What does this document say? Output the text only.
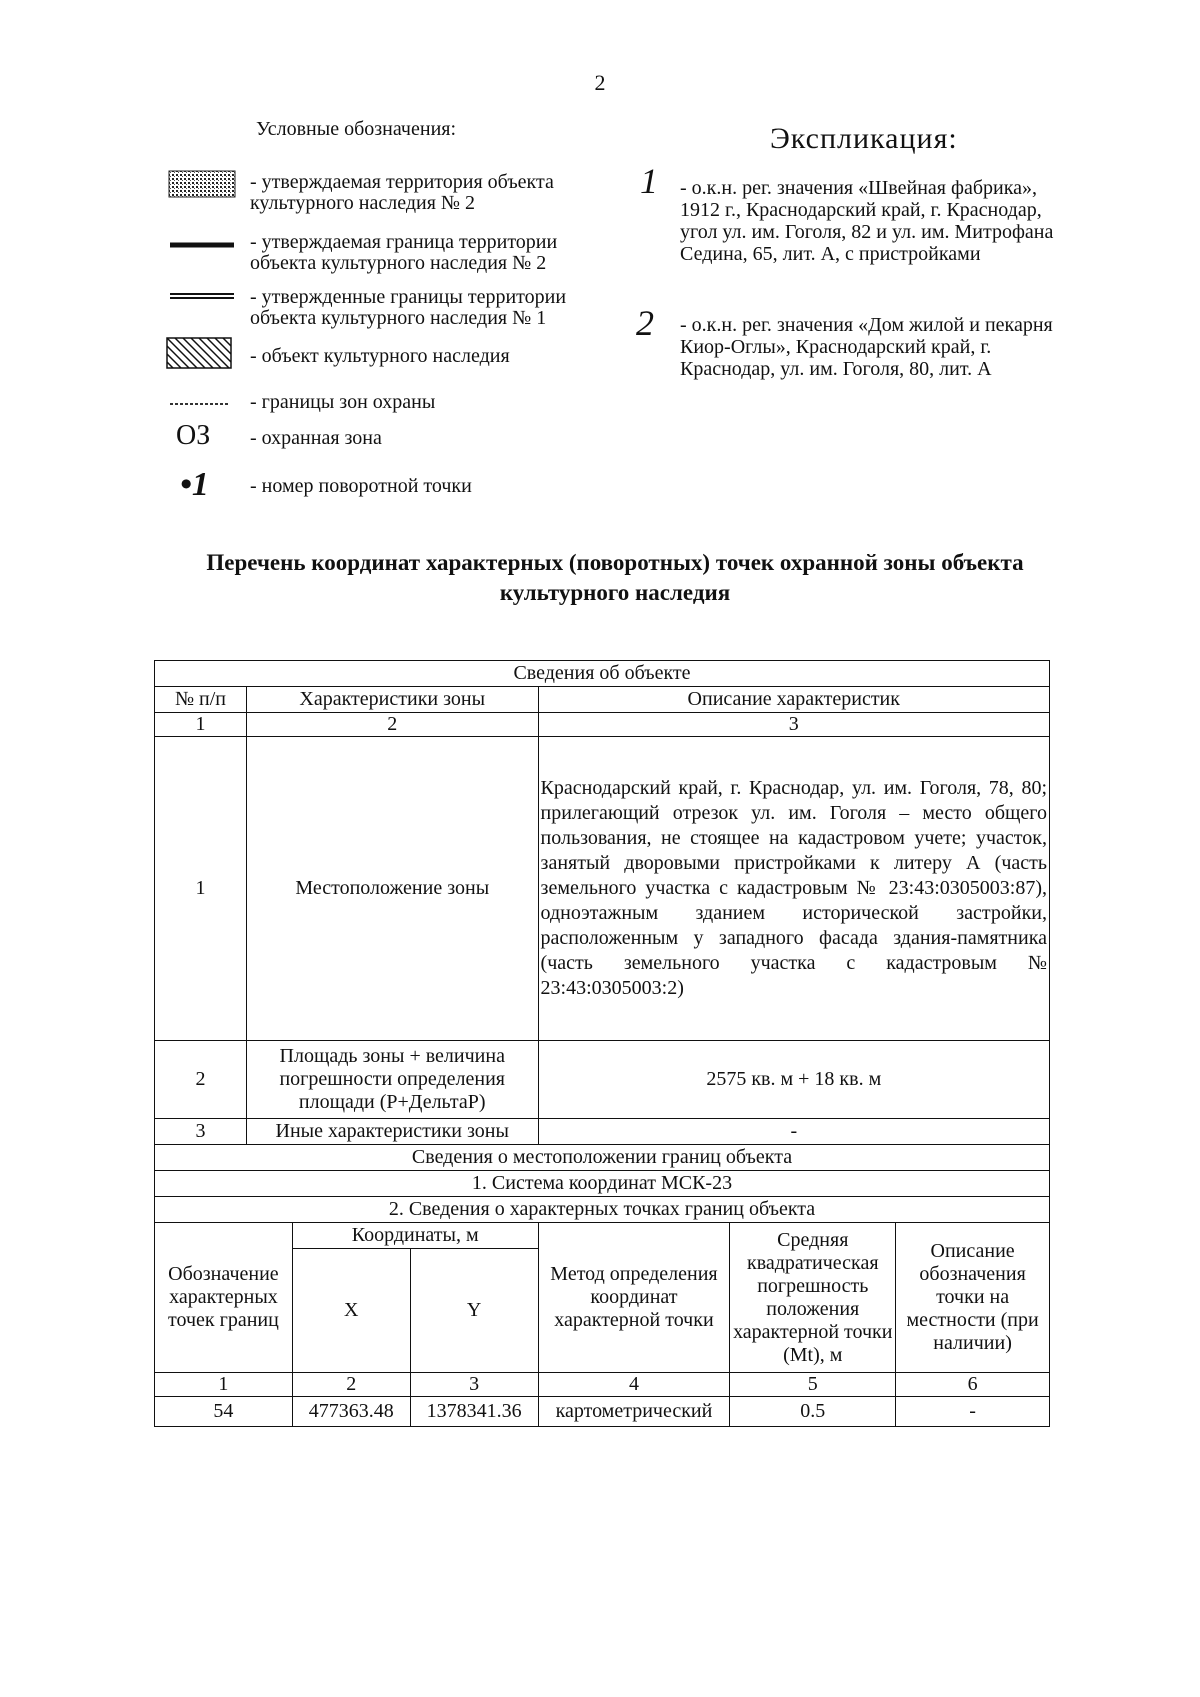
2
Условные обозначения:
- утверждаемая территория объекта культурного наследия № 2
- утверждаемая граница территории объекта культурного наследия № 2
- утвержденные границы территории объекта культурного наследия № 1
- объект культурного наследия
- границы зон охраны
ОЗ - охранная зона
•1 - номер поворотной точки
Экспликация:
1 - о.к.н. рег. значения «Швейная фабрика», 1912 г., Краснодарский край, г. Краснодар, угол ул. им. Гоголя, 82 и ул. им. Митрофана Седина, 65, лит. А, с пристройками
2 - о.к.н. рег. значения «Дом жилой и пекарня Киор-Оглы», Краснодарский край, г. Краснодар, ул. им. Гоголя, 80, лит. А
Перечень координат характерных (поворотных) точек охранной зоны объекта культурного наследия
Сведения об объекте						
№ п/п	Характеристики зоны			Описание характеристик		
1	2			3		
1	Местоположение зоны			Краснодарский край, г. Краснодар, ул. им. Гоголя, 78, 80; прилегающий отрезок ул. им. Гоголя – место общего пользования, не стоящее на кадастровом учете; участок, занятый дворовыми пристройками к литеру А (часть земельного участка с кадастровым № 23:43:0305003:87), одноэтажным зданием исторической застройки, расположенным у западного фасада здания-памятника (часть земельного участка с кадастровым № 23:43:0305003:2)		
2	Площадь зоны + величина погрешности определения площади (Р+ДельтаР)			2575 кв. м + 18 кв. м		
3	Иные характеристики зоны			-		
Сведения о местоположении границ объекта						
1. Система координат МСК-23						
2. Сведения о характерных точках границ объекта						
Обозначение характерных точек границ		Координаты, м		Метод определения координат характерной точки	Средняя квадратическая погрешность положения характерной точки (Mt), м	Описание обозначения точки на местности (при наличии)
		X	Y			
1		2	3	4	5	6
54		477363.48	1378341.36	картометрический	0.5	-
